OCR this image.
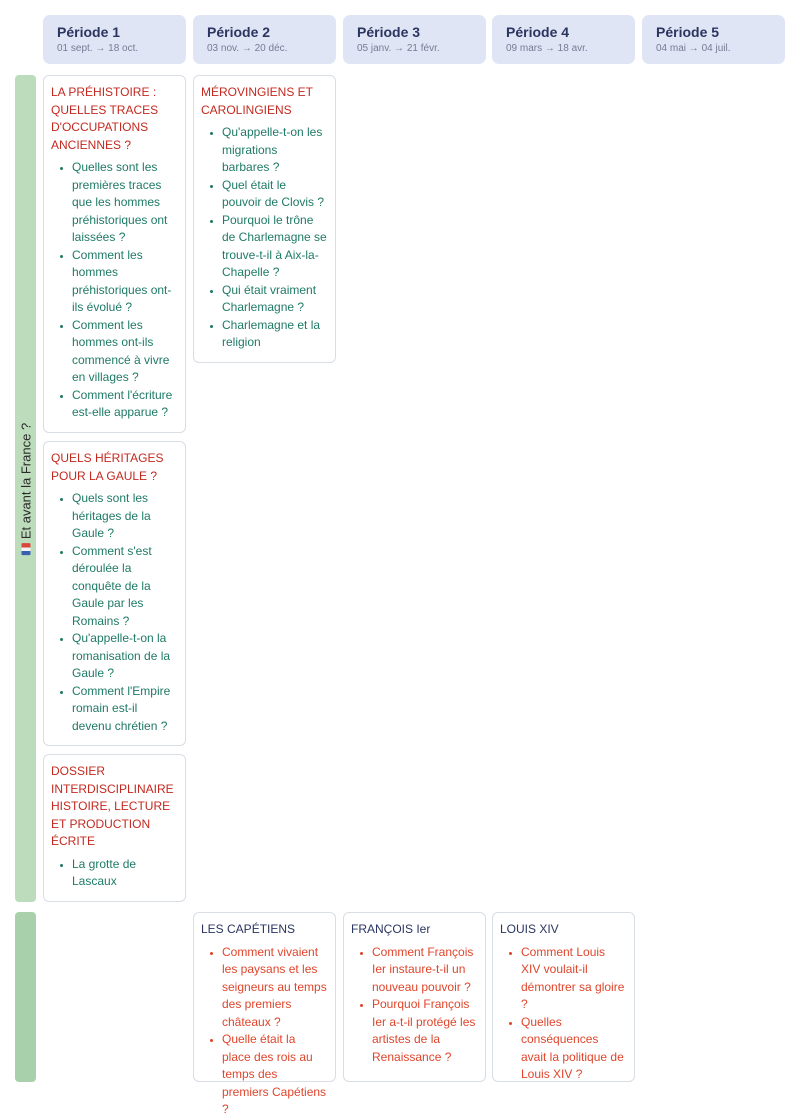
Période 1
01 sept. → 18 oct.
Période 2
03 nov. → 20 déc.
Période 3
05 janv. → 21 févr.
Période 4
09 mars → 18 avr.
Période 5
04 mai → 04 juil.
Et avant la France ?
LA PRÉHISTOIRE : QUELLES TRACES D'OCCUPATIONS ANCIENNES ?
• Quelles sont les premières traces que les hommes préhistoriques ont laissées ?
• Comment les hommes préhistoriques ont-ils évolué ?
• Comment les hommes ont-ils commencé à vivre en villages ?
• Comment l'écriture est-elle apparue ?
QUELS HÉRITAGES POUR LA GAULE ?
• Quels sont les héritages de la Gaule ?
• Comment s'est déroulée la conquête de la Gaule par les Romains ?
• Qu'appelle-t-on la romanisation de la Gaule ?
• Comment l'Empire romain est-il devenu chrétien ?
DOSSIER INTERDISCIPLINAIRE HISTOIRE, LECTURE ET PRODUCTION ÉCRITE
• La grotte de Lascaux
MÉROVINGIENS ET CAROLINGIENS
• Qu'appelle-t-on les migrations barbares ?
• Quel était le pouvoir de Clovis ?
• Pourquoi le trône de Charlemagne se trouve-t-il à Aix-la-Chapelle ?
• Qui était vraiment Charlemagne ?
• Charlemagne et la religion
LES CAPÉTIENS
• Comment vivaient les paysans et les seigneurs au temps des premiers châteaux ?
• Quelle était la place des rois au temps des premiers Capétiens ?
FRANÇOIS Ier
• Comment François Ier instaure-t-il un nouveau pouvoir ?
• Pourquoi François Ier a-t-il protégé les artistes de la Renaissance ?
LOUIS XIV
• Comment Louis XIV voulait-il démontrer sa gloire ?
• Quelles conséquences avait la politique de Louis XIV ?
